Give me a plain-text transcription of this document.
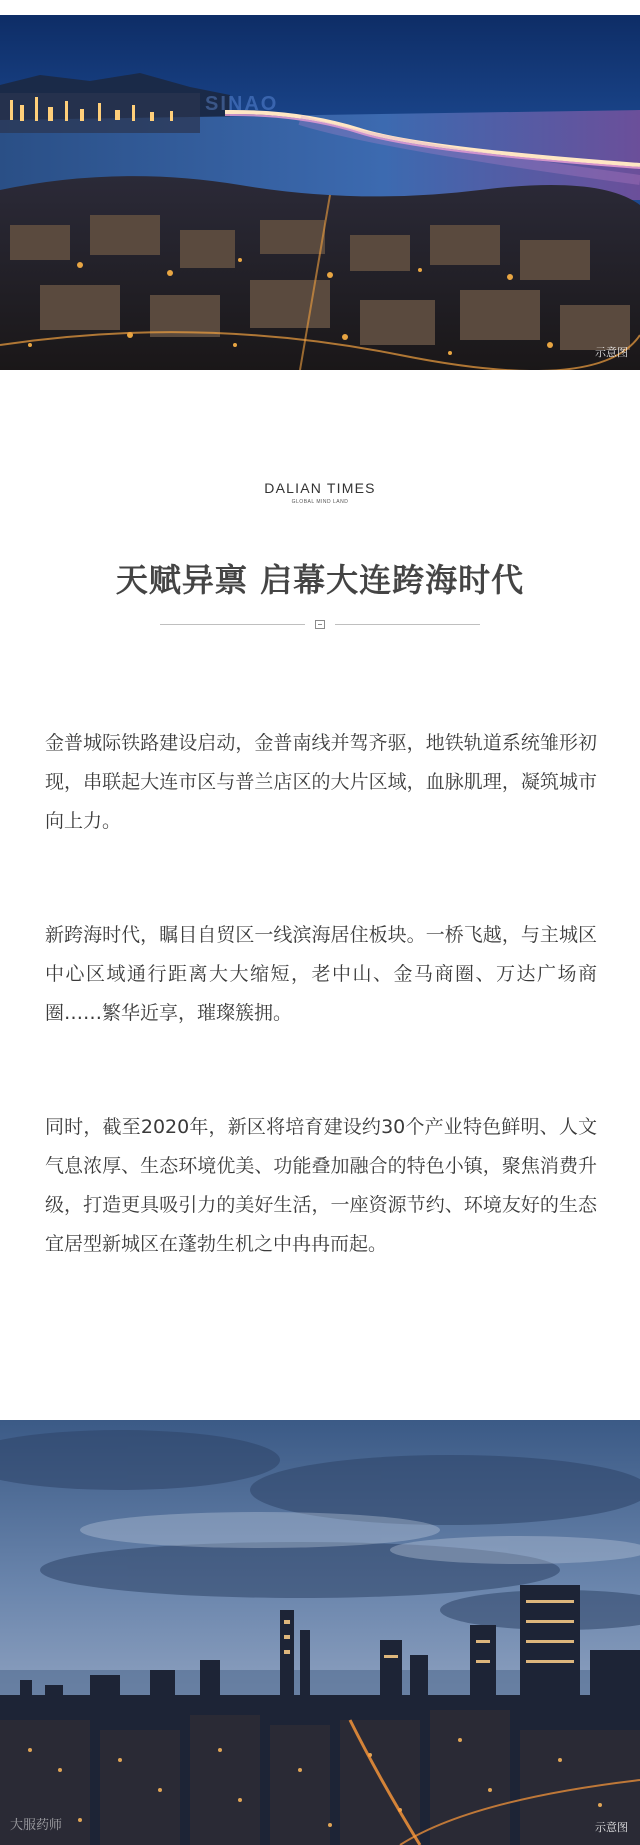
SINAO
示意图
DALIAN TIMES
GLOBAL MIND LAND
天赋异禀 启幕大连跨海时代
金普城际铁路建设启动，金普南线并驾齐驱，地铁轨道系统雏形初现，串联起大连市区与普兰店区的大片区域，血脉肌理，凝筑城市向上力。
新跨海时代，瞩目自贸区一线滨海居住板块。一桥飞越，与主城区中心区域通行距离大大缩短，老中山、金马商圈、万达广场商圈……繁华近享，璀璨簇拥。
同时，截至2020年，新区将培育建设约30个产业特色鲜明、人文气息浓厚、生态环境优美、功能叠加融合的特色小镇，聚焦消费升级，打造更具吸引力的美好生活，一座资源节约、环境友好的生态宜居型新城区在蓬勃生机之中冉冉而起。
大服药师	示意图
